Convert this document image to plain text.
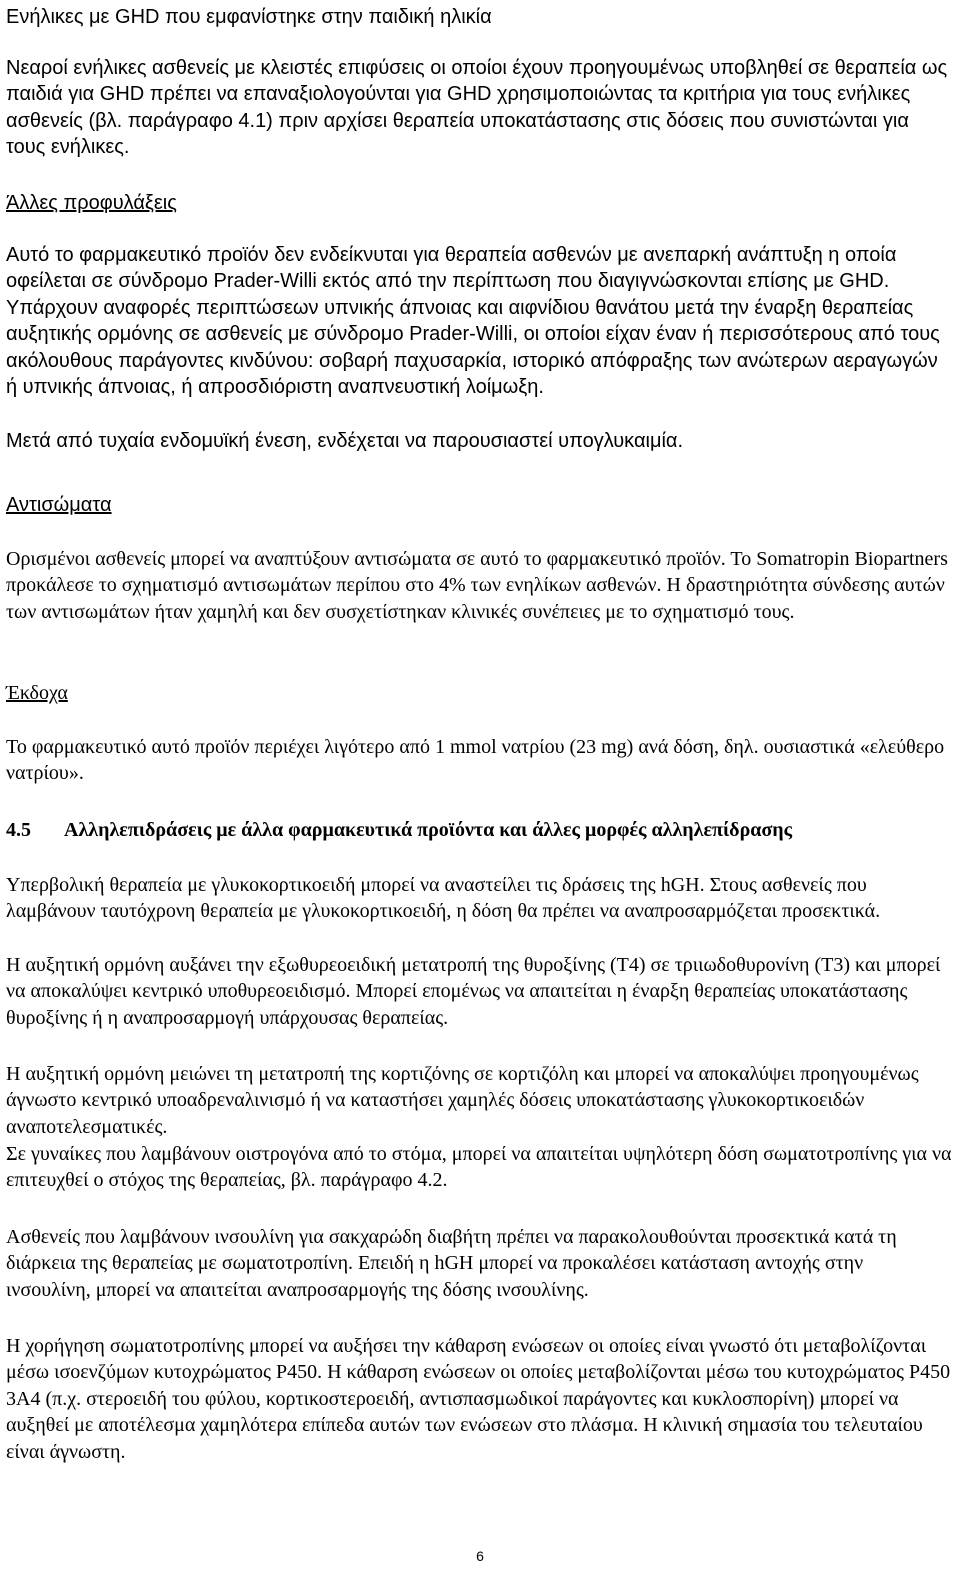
Ενήλικες με GHD που εμφανίστηκε στην παιδική ηλικία

Νεαροί ενήλικες ασθενείς με κλειστές επιφύσεις οι οποίοι έχουν προηγουμένως υποβληθεί σε θεραπεία ως παιδιά για GHD πρέπει να επαναξιολογούνται για GHD χρησιμοποιώντας τα κριτήρια για τους ενήλικες ασθενείς (βλ. παράγραφο 4.1) πριν αρχίσει θεραπεία υποκατάστασης στις δόσεις που συνιστώνται για τους ενήλικες.

Άλλες προφυλάξεις

Αυτό το φαρμακευτικό προϊόν δεν ενδείκνυται για θεραπεία ασθενών με ανεπαρκή ανάπτυξη η οποία οφείλεται σε σύνδρομο Prader-Willi εκτός από την περίπτωση που διαγιγνώσκονται επίσης με GHD. Υπάρχουν αναφορές περιπτώσεων υπνικής άπνοιας και αιφνίδιου θανάτου μετά την έναρξη θεραπείας αυξητικής ορμόνης σε ασθενείς με σύνδρομο Prader-Willi, οι οποίοι είχαν έναν ή περισσότερους από τους ακόλουθους παράγοντες κινδύνου: σοβαρή παχυσαρκία, ιστορικό απόφραξης των ανώτερων αεραγωγών ή υπνικής άπνοιας, ή απροσδιόριστη αναπνευστική λοίμωξη.

Μετά από τυχαία ενδομυϊκή ένεση, ενδέχεται να παρουσιαστεί υπογλυκαιμία.

Αντισώματα

Ορισμένοι ασθενείς μπορεί να αναπτύξουν αντισώματα σε αυτό το φαρμακευτικό προϊόν. Το Somatropin Biopartners προκάλεσε το σχηματισμό αντισωμάτων περίπου στο 4% των ενηλίκων ασθενών. Η δραστηριότητα σύνδεσης αυτών των αντισωμάτων ήταν χαμηλή και δεν συσχετίστηκαν κλινικές συνέπειες με το σχηματισμό τους.

Έκδοχα

Το φαρμακευτικό αυτό προϊόν περιέχει λιγότερο από 1 mmol νατρίου (23 mg) ανά δόση, δηλ. ουσιαστικά «ελεύθερο νατρίου».

4.5	Αλληλεπιδράσεις με άλλα φαρμακευτικά προϊόντα και άλλες μορφές αλληλεπίδρασης

Υπερβολική θεραπεία με γλυκοκορτικοειδή μπορεί να αναστείλει τις δράσεις της hGH. Στους ασθενείς που λαμβάνουν ταυτόχρονη θεραπεία με γλυκοκορτικοειδή, η δόση θα πρέπει να αναπροσαρμόζεται προσεκτικά.

Η αυξητική ορμόνη αυξάνει την εξωθυρεοειδική μετατροπή της θυροξίνης (T4) σε τριιωδοθυρονίνη (T3) και μπορεί να αποκαλύψει κεντρικό υποθυρεοειδισμό. Μπορεί επομένως να απαιτείται η έναρξη θεραπείας υποκατάστασης θυροξίνης ή η αναπροσαρμογή υπάρχουσας θεραπείας.

Η αυξητική ορμόνη μειώνει τη μετατροπή της κορτιζόνης σε κορτιζόλη και μπορεί να αποκαλύψει προηγουμένως άγνωστο κεντρικό υποαδρεναλινισμό ή να καταστήσει χαμηλές δόσεις υποκατάστασης γλυκοκορτικοειδών αναποτελεσματικές.

Σε γυναίκες που λαμβάνουν οιστρογόνα από το στόμα, μπορεί να απαιτείται υψηλότερη δόση σωματοτροπίνης για να επιτευχθεί ο στόχος της θεραπείας, βλ. παράγραφο 4.2.

Ασθενείς που λαμβάνουν ινσουλίνη για σακχαρώδη διαβήτη πρέπει να παρακολουθούνται προσεκτικά κατά τη διάρκεια της θεραπείας με σωματοτροπίνη. Επειδή η hGH μπορεί να προκαλέσει κατάσταση αντοχής στην ινσουλίνη, μπορεί να απαιτείται αναπροσαρμογής της δόσης ινσουλίνης.

Η χορήγηση σωματοτροπίνης μπορεί να αυξήσει την κάθαρση ενώσεων οι οποίες είναι γνωστό ότι μεταβολίζονται μέσω ισοενζύμων κυτοχρώματος P450. Η κάθαρση ενώσεων οι οποίες μεταβολίζονται μέσω του κυτοχρώματος P450 3A4 (π.χ. στεροειδή του φύλου, κορτικοστεροειδή, αντισπασμωδικοί παράγοντες και κυκλοσπορίνη) μπορεί να αυξηθεί με αποτέλεσμα χαμηλότερα επίπεδα αυτών των ενώσεων στο πλάσμα. Η κλινική σημασία του τελευταίου είναι άγνωστη.

6
